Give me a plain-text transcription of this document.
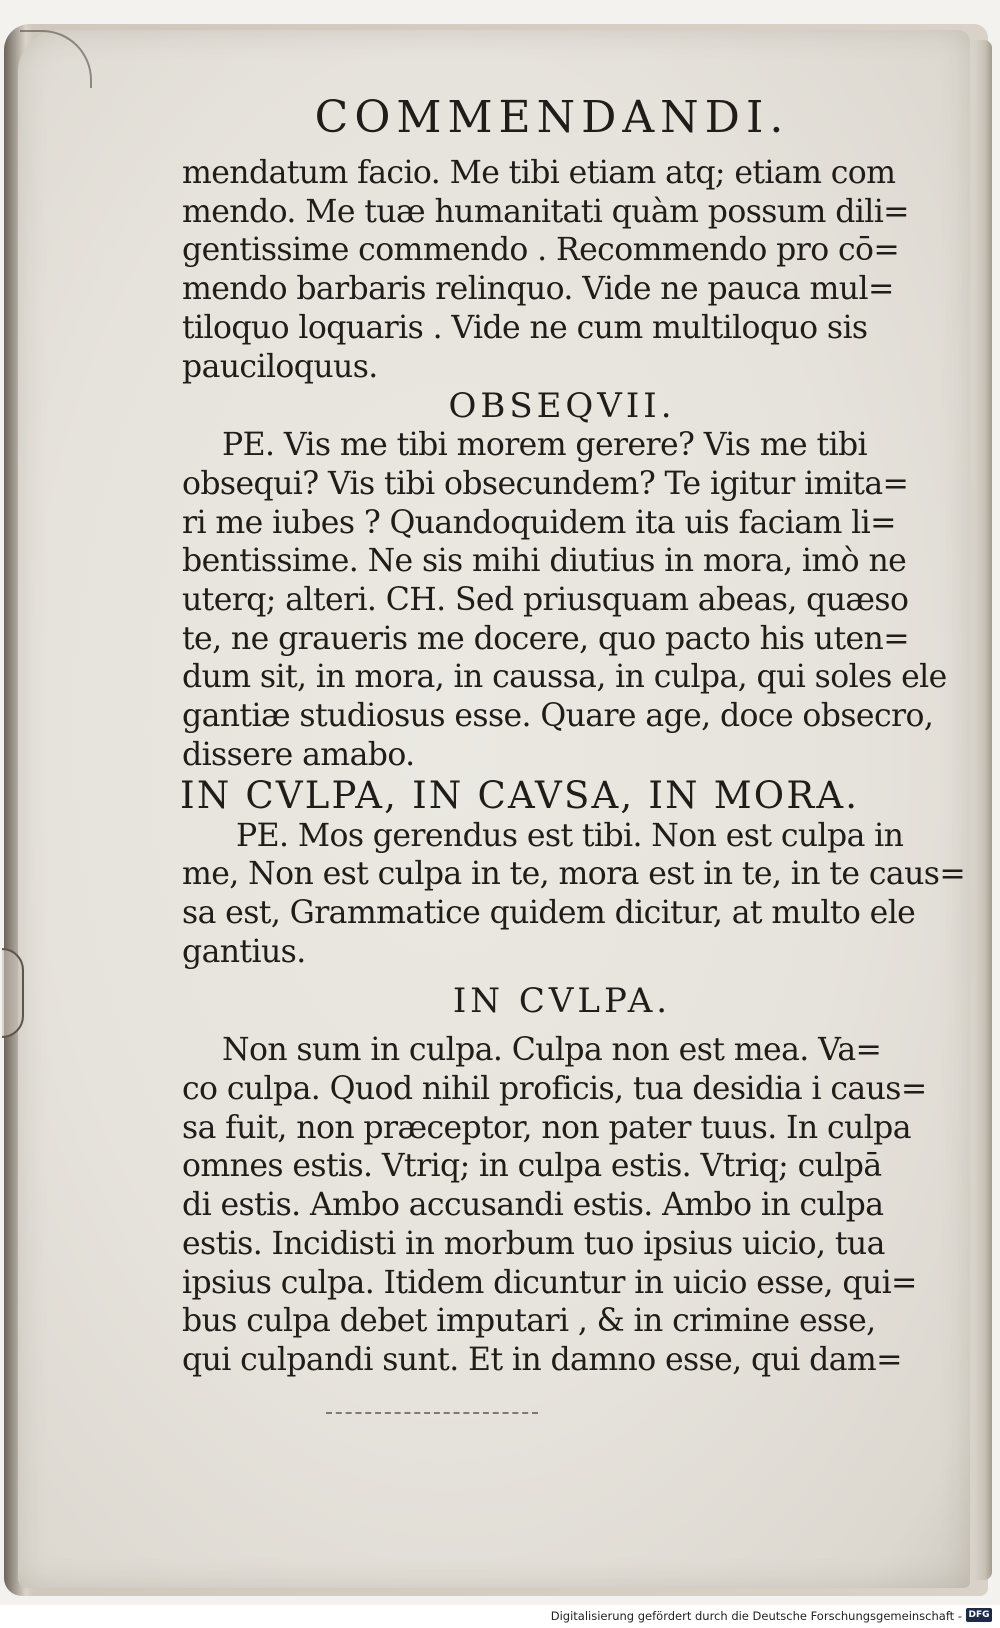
COMMENDANDI.
mendatum facio. Me tibi etiam atq; etiam com
mendo. Me tuæ humanitati quàm possum dili=
gentissime commendo . Recommendo pro cō=
mendo barbaris relinquo. Vide ne pauca mul=
tiloquo loquaris . Vide ne cum multiloquo sis
pauciloquus.
OBSEQVII.
PE. Vis me tibi morem gerere? Vis me tibi
obsequi? Vis tibi obsecundem? Te igitur imita=
ri me iubes ? Quandoquidem ita uis faciam li=
bentissime. Ne sis mihi diutius in mora, imò ne
uterq; alteri. CH. Sed priusquam abeas, quæso
te, ne graueris me docere, quo pacto his uten=
dum sit, in mora, in caussa, in culpa, qui soles ele
gantiæ studiosus esse. Quare age, doce obsecro,
dissere amabo.
IN CVLPA, IN CAVSA, IN MORA.
PE. Mos gerendus est tibi. Non est culpa in
me, Non est culpa in te, mora est in te, in te caus=
sa est, Grammatice quidem dicitur, at multo ele
gantius.
IN CVLPA.
Non sum in culpa. Culpa non est mea. Va=
co culpa. Quod nihil proficis, tua desidia i caus=
sa fuit, non præceptor, non pater tuus. In culpa
omnes estis. Vtriq; in culpa estis. Vtriq; culpā
di estis. Ambo accusandi estis. Ambo in culpa
estis. Incidisti in morbum tuo ipsius uicio, tua
ipsius culpa. Itidem dicuntur in uicio esse, qui=
bus culpa debet imputari , & in crimine esse,
qui culpandi sunt. Et in damno esse, qui dam=
Digitalisierung gefördert durch die Deutsche Forschungsgemeinschaft - DFG
